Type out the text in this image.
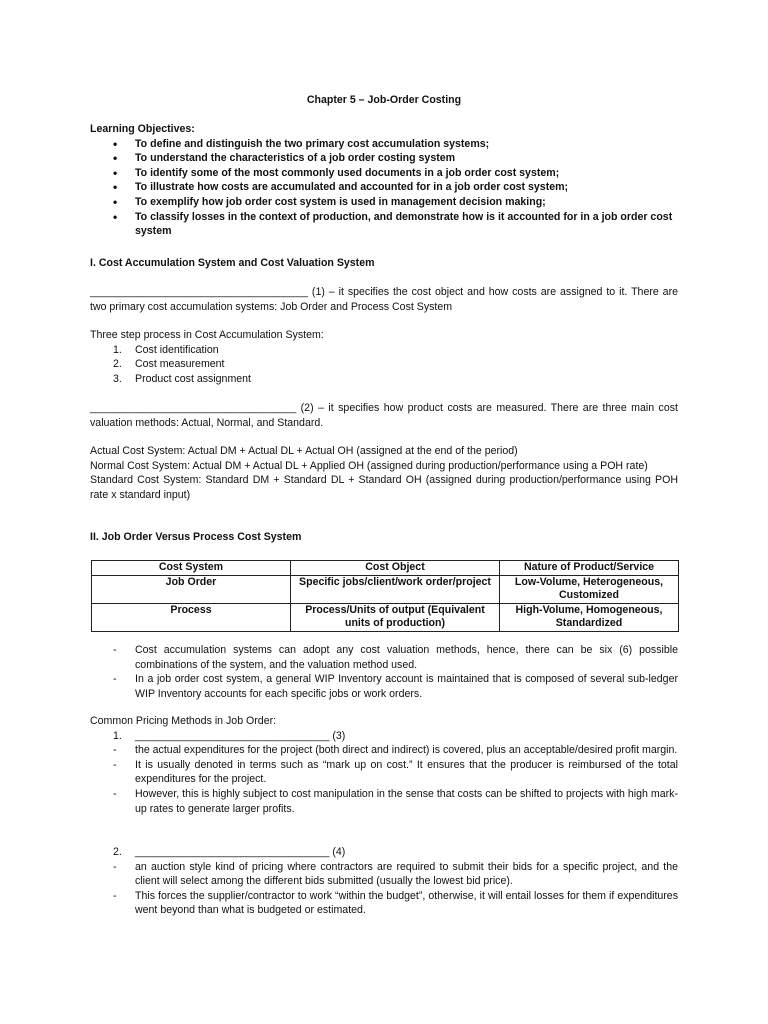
Chapter 5 – Job-Order Costing
Learning Objectives:
• To define and distinguish the two primary cost accumulation systems;
• To understand the characteristics of a job order costing system
• To identify some of the most commonly used documents in a job order cost system;
• To illustrate how costs are accumulated and accounted for in a job order cost system;
• To exemplify how job order cost system is used in management decision making;
• To classify losses in the context of production, and demonstrate how is it accounted for in a job order cost system
I. Cost Accumulation System and Cost Valuation System
_____________________________________ (1) – it specifies the cost object and how costs are assigned to it. There are two primary cost accumulation systems: Job Order and Process Cost System
Three step process in Cost Accumulation System:
1. Cost identification
2. Cost measurement
3. Product cost assignment
___________________________________ (2) – it specifies how product costs are measured. There are three main cost valuation methods: Actual, Normal, and Standard.
Actual Cost System: Actual DM + Actual DL + Actual OH (assigned at the end of the period)
Normal Cost System: Actual DM + Actual DL + Applied OH (assigned during production/performance using a POH rate)
Standard Cost System: Standard DM + Standard DL + Standard OH (assigned during production/performance using POH rate x standard input)
II. Job Order Versus Process Cost System
Cost System	Cost Object	Nature of Product/Service
Job Order	Specific jobs/client/work order/project	Low-Volume, Heterogeneous, Customized
Process	Process/Units of output (Equivalent units of production)	High-Volume, Homogeneous, Standardized
- Cost accumulation systems can adopt any cost valuation methods, hence, there can be six (6) possible combinations of the system, and the valuation method used.
- In a job order cost system, a general WIP Inventory account is maintained that is composed of several sub-ledger WIP Inventory accounts for each specific jobs or work orders.
Common Pricing Methods in Job Order:
1. _________________________________ (3)
- the actual expenditures for the project (both direct and indirect) is covered, plus an acceptable/desired profit margin.
- It is usually denoted in terms such as “mark up on cost.” It ensures that the producer is reimbursed of the total expenditures for the project.
- However, this is highly subject to cost manipulation in the sense that costs can be shifted to projects with high mark-up rates to generate larger profits.
2. _________________________________ (4)
- an auction style kind of pricing where contractors are required to submit their bids for a specific project, and the client will select among the different bids submitted (usually the lowest bid price).
- This forces the supplier/contractor to work “within the budget”, otherwise, it will entail losses for them if expenditures went beyond than what is budgeted or estimated.
